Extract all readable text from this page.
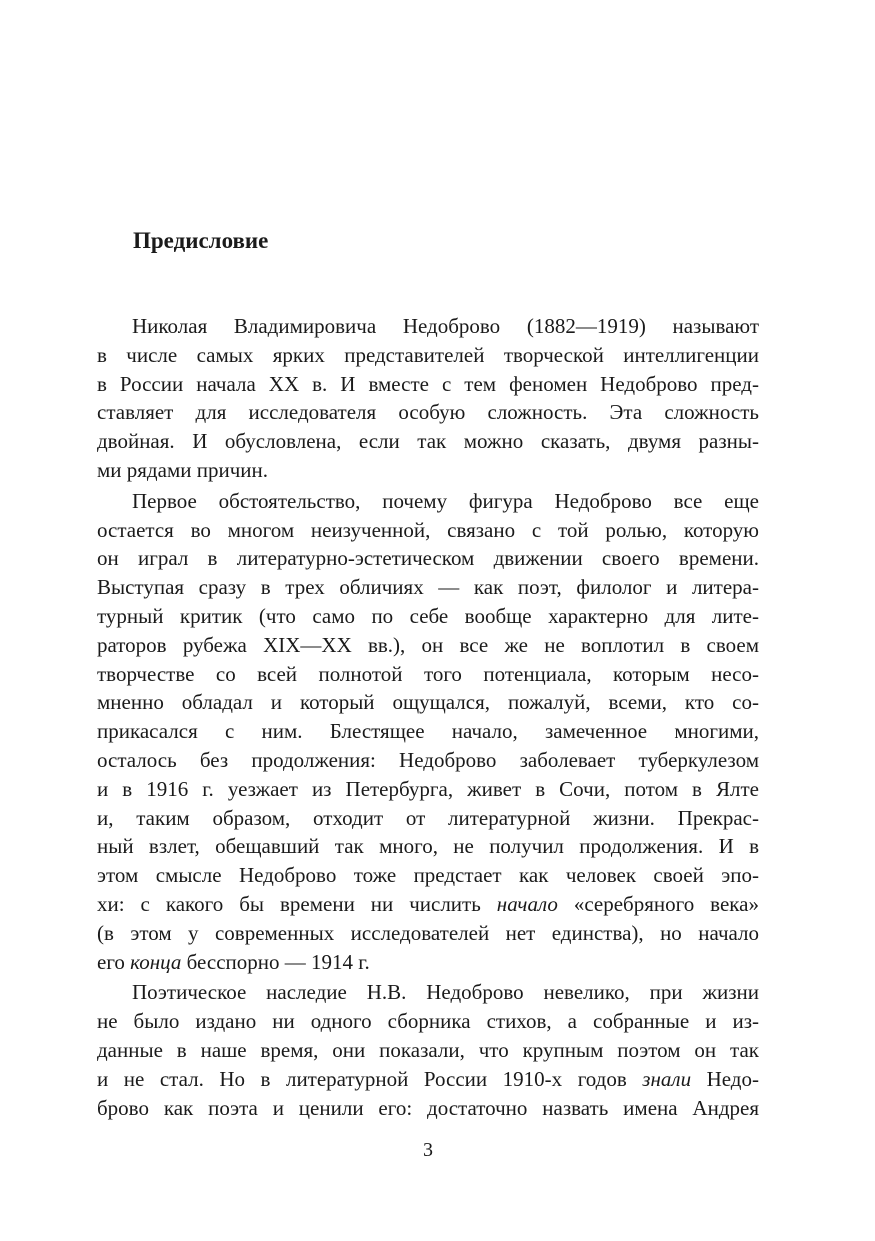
Предисловие

Николая Владимировича Недоброво (1882—1919) называют
в числе самых ярких представителей творческой интеллигенции
в России начала XX в. И вместе с тем феномен Недоброво пред-
ставляет для исследователя особую сложность. Эта сложность
двойная. И обусловлена, если так можно сказать, двумя разны-
ми рядами причин.

Первое обстоятельство, почему фигура Недоброво все еще
остается во многом неизученной, связано с той ролью, которую
он играл в литературно-эстетическом движении своего времени.
Выступая сразу в трех обличиях — как поэт, филолог и литера-
турный критик (что само по себе вообще характерно для лите-
раторов рубежа XIX—XX вв.), он все же не воплотил в своем
творчестве со всей полнотой того потенциала, которым несо-
мненно обладал и который ощущался, пожалуй, всеми, кто со-
прикасался с ним. Блестящее начало, замеченное многими,
осталось без продолжения: Недоброво заболевает туберкулезом
и в 1916 г. уезжает из Петербурга, живет в Сочи, потом в Ялте
и, таким образом, отходит от литературной жизни. Прекрас-
ный взлет, обещавший так много, не получил продолжения. И в
этом смысле Недоброво тоже предстает как человек своей эпо-
хи: с какого бы времени ни числить начало «серебряного века»
(в этом у современных исследователей нет единства), но начало
его конца бесспорно — 1914 г.

Поэтическое наследие Н.В. Недоброво невелико, при жизни
не было издано ни одного сборника стихов, а собранные и из-
данные в наше время, они показали, что крупным поэтом он так
и не стал. Но в литературной России 1910-х годов знали Недо-
брово как поэта и ценили его: достаточно назвать имена Андрея

3
